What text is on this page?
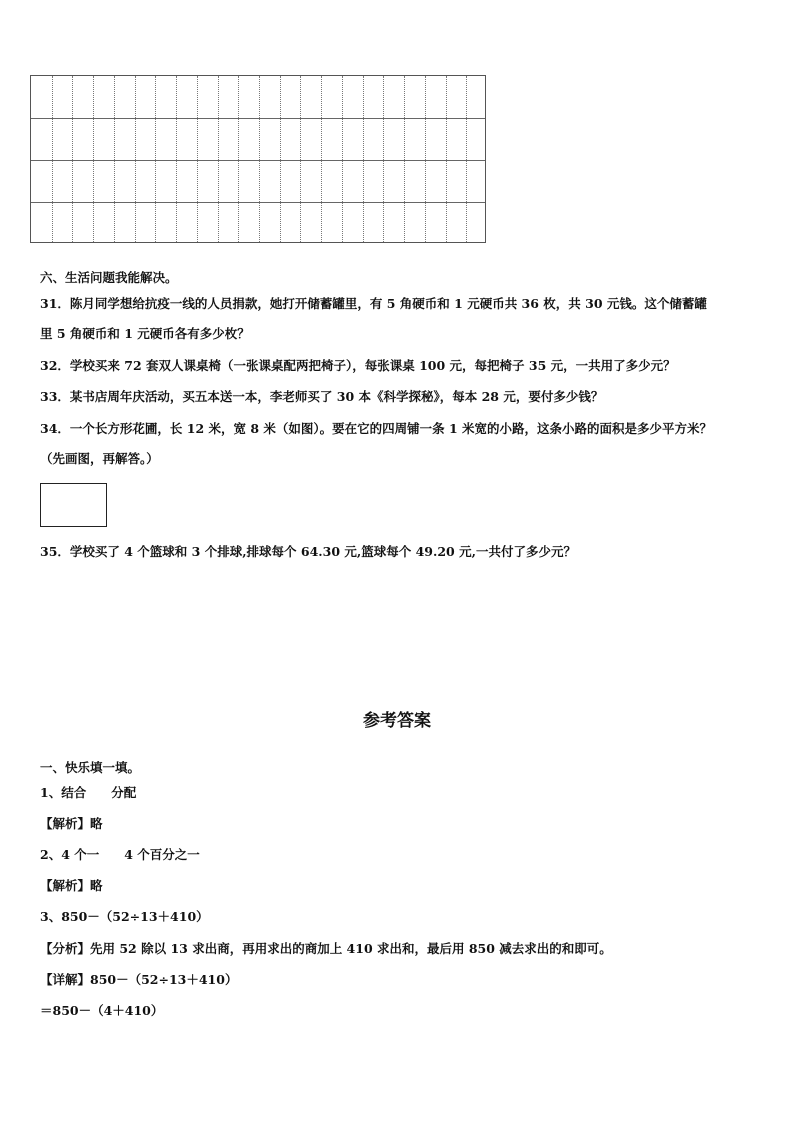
六、生活问题我能解决。
31．陈月同学想给抗疫一线的人员捐款，她打开储蓄罐里，有 5 角硬币和 1 元硬币共 36 枚，共 30 元钱。这个储蓄罐
里 5 角硬币和 1 元硬币各有多少枚？
32．学校买来 72 套双人课桌椅（一张课桌配两把椅子），每张课桌 100 元，每把椅子 35 元，一共用了多少元？
33．某书店周年庆活动，买五本送一本，李老师买了 30 本《科学探秘》，每本 28 元，要付多少钱？
34．一个长方形花圃，长 12 米，宽 8 米（如图）。要在它的四周铺一条 1 米宽的小路，这条小路的面积是多少平方米？
（先画图，再解答。）
35．学校买了 4 个篮球和 3 个排球,排球每个 64.30 元,篮球每个 49.20 元,一共付了多少元？
参考答案
一、快乐填一填。
1、结合　　分配
【解析】略
2、4 个一　　4 个百分之一
【解析】略
3、850－（52÷13＋410）
【分析】先用 52 除以 13 求出商，再用求出的商加上 410 求出和，最后用 850 减去求出的和即可。
【详解】850－（52÷13＋410）
＝850－（4＋410）
